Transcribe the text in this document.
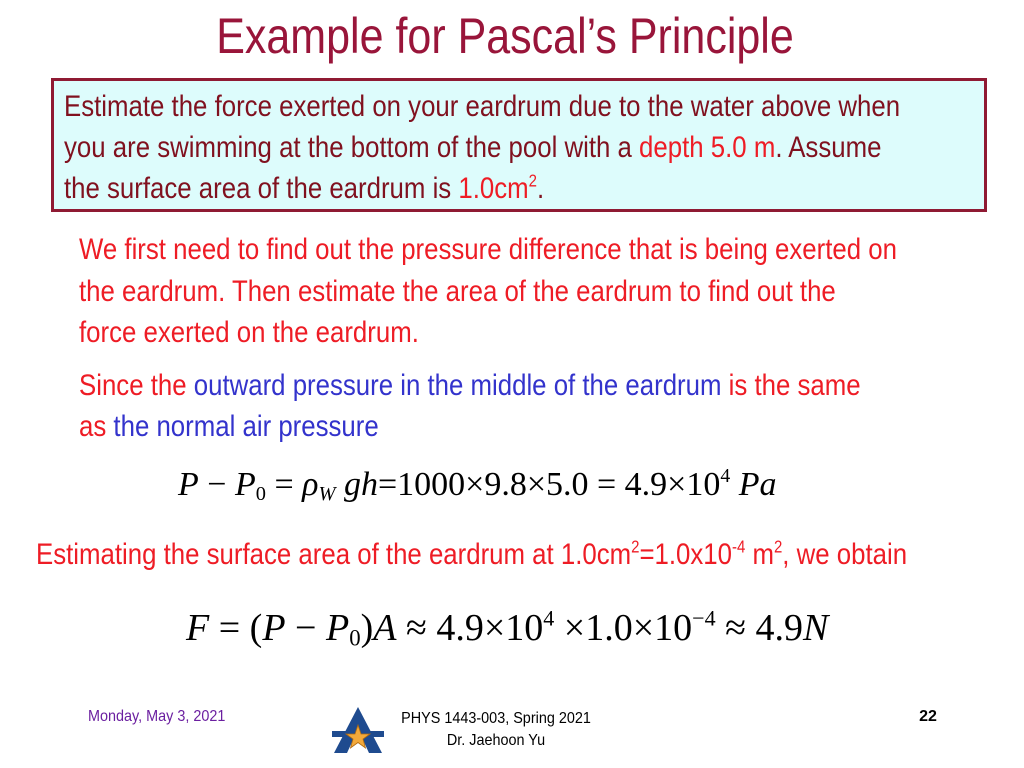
Example for Pascal’s Principle
Estimate the force exerted on your eardrum due to the water above when
you are swimming at the bottom of the pool with a depth 5.0 m. Assume
the surface area of the eardrum is $1.0cm^2$.
We first need to find out the pressure difference that is being exerted on
the eardrum. Then estimate the area of the eardrum to find out the
force exerted on the eardrum.
Since the outward pressure in the middle of the eardrum is the same
as the normal air pressure
$P - P_0 = \rho_W$ $gh=1000\times 9.8\times 5.0 = 4.9\times 10^4$ Pa
Estimating the surface area of the eardrum at $1.0cm^2=1.0x10^{-4}$ $m^2$, we obtain
$F = (P - P_0)A \approx 4.9\times 10^4 \times 1.0\times 10^{-4} \approx 4.9N$
Monday, May 3, 2021	PHYS 1443-003, Spring 2021
Dr. Jaehoon Yu
22
